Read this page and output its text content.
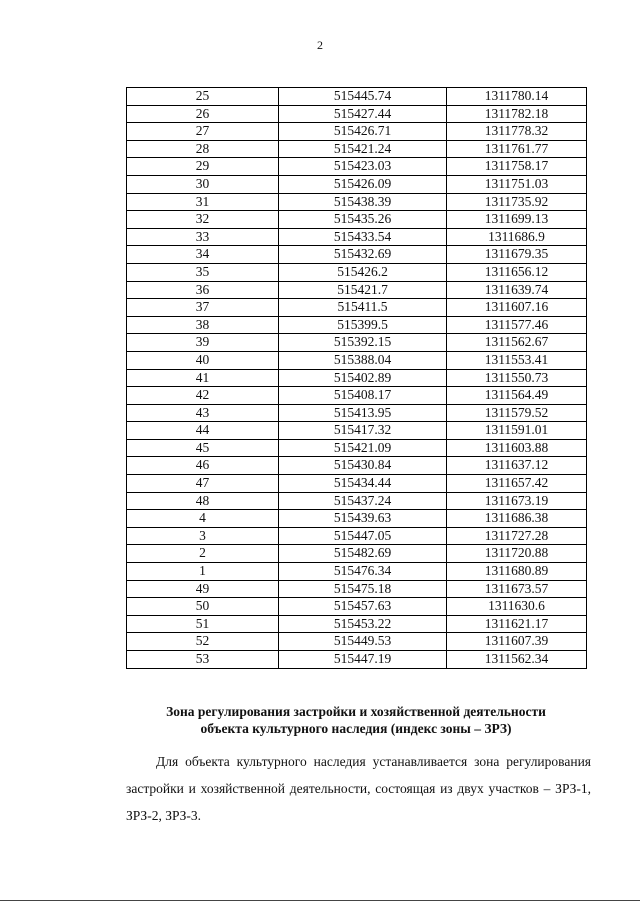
2
25	515445.74	1311780.14
26	515427.44	1311782.18
27	515426.71	1311778.32
28	515421.24	1311761.77
29	515423.03	1311758.17
30	515426.09	1311751.03
31	515438.39	1311735.92
32	515435.26	1311699.13
33	515433.54	1311686.9
34	515432.69	1311679.35
35	515426.2	1311656.12
36	515421.7	1311639.74
37	515411.5	1311607.16
38	515399.5	1311577.46
39	515392.15	1311562.67
40	515388.04	1311553.41
41	515402.89	1311550.73
42	515408.17	1311564.49
43	515413.95	1311579.52
44	515417.32	1311591.01
45	515421.09	1311603.88
46	515430.84	1311637.12
47	515434.44	1311657.42
48	515437.24	1311673.19
4	515439.63	1311686.38
3	515447.05	1311727.28
2	515482.69	1311720.88
1	515476.34	1311680.89
49	515475.18	1311673.57
50	515457.63	1311630.6
51	515453.22	1311621.17
52	515449.53	1311607.39
53	515447.19	1311562.34
Зона регулирования застройки и хозяйственной деятельности
объекта культурного наследия (индекс зоны – ЗРЗ)
Для объекта культурного наследия устанавливается зона регулирования застройки и хозяйственной деятельности, состоящая из двух участков – ЗРЗ-1, ЗРЗ-2, ЗРЗ-3.
